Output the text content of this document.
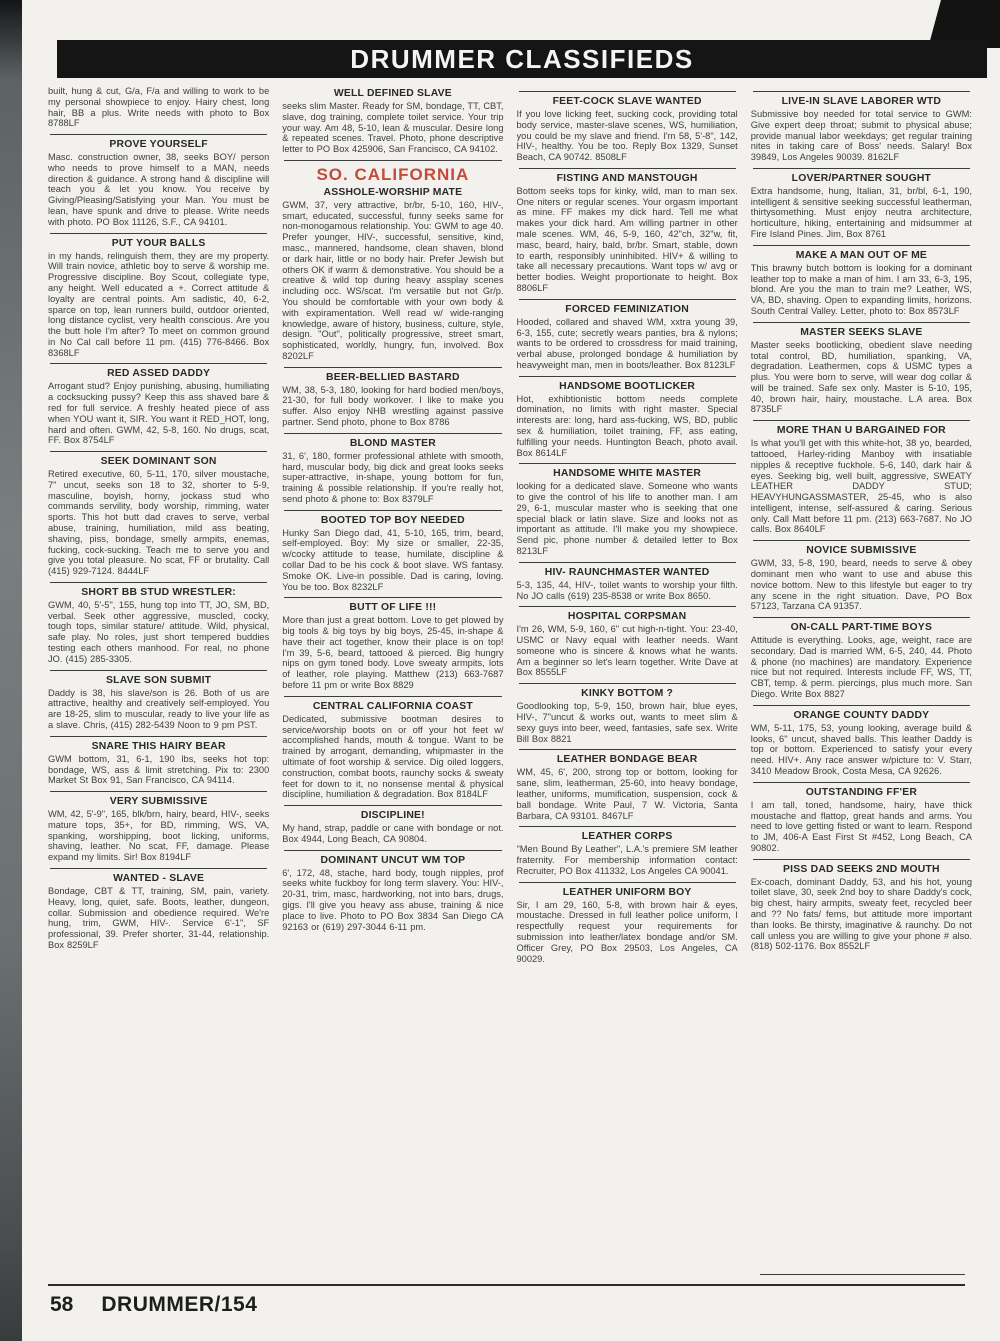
DRUMMER CLASSIFIEDS
built, hung & cut, G/a, F/a and willing to work to be my personal showpiece to enjoy. Hairy chest, long hair, BB a plus. Write needs with photo to Box 8788LF
PROVE YOURSELF
Masc. construction owner, 38, seeks BOY/ person who needs to prove himself to a MAN, needs direction & guidance. A strong hand & discipline will teach you & let you know. You receive by Giving/Pleasing/Satisfying your Man. You must be lean, have spunk and drive to please. Write needs with photo. PO Box 11126, S.F., CA 94101.
PUT YOUR BALLS
in my hands, relinguish them, they are my property. Will train novice, athletic boy to serve & worship me. Progressive discipline. Boy Scout, collegiate type, any height. Well educated a +. Correct attitude & loyalty are central points. Am sadistic, 40, 6-2, sparce on top, lean runners build, outdoor oriented, long distance cyclist, very health conscious. Are you the butt hole I'm after? To meet on common ground in No Cal call before 11 pm. (415) 776-8466. Box 8368LF
RED ASSED DADDY
Arrogant stud? Enjoy punishing, abusing, humiliating a cocksucking pussy? Keep this ass shaved bare & red for full service. A freshly heated piece of ass when YOU want it, SIR. You want it RED_HOT, long, hard and often. GWM, 42, 5-8, 160. No drugs, scat, FF. Box 8754LF
SEEK DOMINANT SON
Retired executive, 60, 5-11, 170, silver moustache, 7" uncut, seeks son 18 to 32, shorter to 5-9, masculine, boyish, horny, jockass stud who commands servility, body worship, rimming, water sports. This hot butt dad craves to serve, verbal abuse, training, humiliation, mild ass beating, shaving, piss, bondage, smelly armpits, enemas, fucking, cock-sucking. Teach me to serve you and give you total pleasure. No scat, FF or brutality. Call (415) 929-7124. 8444LF
SHORT BB STUD WRESTLER:
GWM, 40, 5'-5", 155, hung top into TT, JO, SM, BD, verbal. Seek other aggressive, muscled, cocky, tough tops, similar stature/ attitude. Wild, physical, safe play. No roles, just short tempered buddies testing each others manhood. For real, no phone JO. (415) 285-3305.
SLAVE SON SUBMIT
Daddy is 38, his slave/son is 26. Both of us are attractive, healthy and creatively self-employed. You are 18-25, slim to muscular, ready to live your life as a slave. Chris, (415) 282-5439 Noon to 9 pm PST.
SNARE THIS HAIRY BEAR
GWM bottom, 31, 6-1, 190 lbs, seeks hot top: bondage, WS, ass & limit stretching. Pix to: 2300 Market St Box 91, San Francisco, CA 94114.
VERY SUBMISSIVE
WM, 42, 5'-9", 165, blk/brn, hairy, beard, HIV-, seeks mature tops, 35+, for BD, rimming, WS, VA, spanking, worshipping, boot licking, uniforms, shaving, leather. No scat, FF, damage. Please expand my limits. Sir! Box 8194LF
WANTED - SLAVE
Bondage, CBT & TT, training, SM, pain, variety. Heavy, long, quiet, safe. Boots, leather, dungeon, collar. Submission and obedience required. We're hung, trim, GWM, HIV-. Service 6'-1", SF professional, 39. Prefer shorter, 31-44, relationship. Box 8259LF
WELL DEFINED SLAVE
seeks slim Master. Ready for SM, bondage, TT, CBT, slave, dog training, complete toilet service. Your trip your way. Am 48, 5-10, lean & muscular. Desire long & repeated scenes. Travel. Photo, phone descriptive letter to PO Box 425906, San Francisco, CA 94102.
SO. CALIFORNIA
ASSHOLE-WORSHIP MATE
GWM, 37, very attractive, br/br, 5-10, 160, HIV-, smart, educated, successful, funny seeks same for non-monogamous relationship. You: GWM to age 40. Prefer younger, HIV-, successful, sensitive, kind, masc., mannered, handsome, clean shaven, blond or dark hair, little or no body hair. Prefer Jewish but others OK if warm & demonstrative. You should be a creative & wild top during heavy assplay scenes including occ. WS/scat. I'm versatile but not Gr/p. You should be comfortable with your own body & with expiramentation. Well read w/ wide-ranging knowledge, aware of history, business, culture, style, design. "Out", politically progressive, street smart, sophisticated, worldly, hungry, fun, involved. Box 8202LF
BEER-BELLIED BASTARD
WM, 38, 5-3, 180, looking for hard bodied men/boys, 21-30, for full body workover. I like to make you suffer. Also enjoy NHB wrestling against passive partner. Send photo, phone to Box 8786
BLOND MASTER
31, 6', 180, former professional athlete with smooth, hard, muscular body, big dick and great looks seeks super-attractive, in-shape, young bottom for fun, training & possible relationship. If you're really hot, send photo & phone to: Box 8379LF
BOOTED TOP BOY NEEDED
Hunky San Diego dad, 41, 5-10, 165, trim, beard, self-employed. Boy: My size or smaller, 22-35, w/cocky attitude to tease, humilate, discipline & collar Dad to be his cock & boot slave. WS fantasy. Smoke OK. Live-in possible. Dad is caring, loving. You be too. Box 8232LF
BUTT OF LIFE !!!
More than just a great bottom. Love to get plowed by big tools & big toys by big boys, 25-45, in-shape & have their act together, know their place is on top! I'm 39, 5-6, beard, tattooed & pierced. Big hungry nips on gym toned body. Love sweaty armpits, lots of leather, role playing. Matthew (213) 663-7687 before 11 pm or write Box 8829
CENTRAL CALIFORNIA COAST
Dedicated, submissive bootman desires to service/worship boots on or off your hot feet w/ accomplished hands, mouth & tongue. Want to be trained by arrogant, demanding, whipmaster in the ultimate of foot worship & service. Dig oiled loggers, construction, combat boots, raunchy socks & sweaty feet for down to it, no nonsense mental & physical discipline, humiliation & degradation. Box 8184LF
DISCIPLINE!
My hand, strap, paddle or cane with bondage or not. Box 4944, Long Beach, CA 90804.
DOMINANT UNCUT WM TOP
6', 172, 48, stache, hard body, tough nipples, prof seeks white fuckboy for long term slavery. You: HIV-, 20-31, trim, masc, hardworking, not into bars, drugs, gigs. I'll give you heavy ass abuse, training & nice place to live. Photo to PO Box 3834 San Diego CA 92163 or (619) 297-3044 6-11 pm.
FEET-COCK SLAVE WANTED
If you love licking feet, sucking cock, providing total body service, master-slave scenes, WS, humiliation, you could be my slave and friend. I'm 58, 5'-8", 142, HIV-, healthy. You be too. Reply Box 1329, Sunset Beach, CA 90742. 8508LF
FISTING AND MANSTOUGH
Bottom seeks tops for kinky, wild, man to man sex. One niters or regular scenes. Your orgasm important as mine. FF makes my dick hard. Tell me what makes your dick hard. Am willing partner in other male scenes. WM, 46, 5-9, 160, 42"ch, 32"w, fit, masc, beard, hairy, bald, br/br. Smart, stable, down to earth, responsibly uninhibited. HIV+ & willing to take all necessary precautions. Want tops w/ avg or better bodies. Weight proportionate to height. Box 8806LF
FORCED FEMINIZATION
Hooded, collared and shaved WM, xxtra young 39, 6-3, 155, cute; secretly wears panties, bra & nylons; wants to be ordered to crossdress for maid training, verbal abuse, prolonged bondage & humiliation by heavyweight man, men in boots/leather. Box 8123LF
HANDSOME BOOTLICKER
Hot, exhibtionistic bottom needs complete domination, no limits with right master. Special interests are: long, hard ass-fucking, WS, BD, public sex & humiliation, toilet training, FF, ass eating, fulfilling your needs. Huntington Beach, photo avail. Box 8614LF
HANDSOME WHITE MASTER
looking for a dedicated slave. Someone who wants to give the control of his life to another man. I am 29, 6-1, muscular master who is seeking that one special black or latin slave. Size and looks not as important as attitude. I'll make you my showpiece. Send pic, phone number & detailed letter to Box 8213LF
HIV- RAUNCHMASTER WANTED
5-3, 135, 44, HIV-, toilet wants to worship your filth. No JO calls (619) 235-8538 or write Box 8650.
HOSPITAL CORPSMAN
I'm 26, WM, 5-9, 160, 6" cut high-n-tight. You: 23-40, USMC or Navy equal with leather needs. Want someone who is sincere & knows what he wants. Am a beginner so let's learn together. Write Dave at Box 8555LF
KINKY BOTTOM ?
Goodlooking top, 5-9, 150, brown hair, blue eyes, HIV-, 7"uncut & works out, wants to meet slim & sexy guys into beer, weed, fantasies, safe sex. Write Bill Box 8821
LEATHER BONDAGE BEAR
WM, 45, 6', 200, strong top or bottom, looking for sane, slim, leatherman, 25-60, into heavy bondage, leather, uniforms, mumification, suspension, cock & ball bondage. Write Paul, 7 W. Victoria, Santa Barbara, CA 93101. 8467LF
LEATHER CORPS
"Men Bound By Leather", L.A.'s premiere SM leather fraternity. For membership information contact: Recruiter, PO Box 411332, Los Angeles CA 90041.
LEATHER UNIFORM BOY
Sir, I am 29, 160, 5-8, with brown hair & eyes, moustache. Dressed in full leather police uniform, I respectfully request your requirements for submission into leather/latex bondage and/or SM. Officer Grey, PO Box 29503, Los Angeles, CA 90029.
LIVE-IN SLAVE LABORER WTD
Submissive boy needed for total service to GWM: Give expert deep throat; submit to physical abuse; provide manual labor weekdays; get regular training nites in taking care of Boss' needs. Salary! Box 39849, Los Angeles 90039. 8162LF
LOVER/PARTNER SOUGHT
Extra handsome, hung, Italian, 31, br/bl, 6-1, 190, intelligent & sensitive seeking successful leatherman, thirtysomething. Must enjoy neutra architecture, horticulture, hiking, entertaining and midsummer at Fire Island Pines. Jim, Box 8761
MAKE A MAN OUT OF ME
This brawny butch bottom is looking for a dominant leather top to make a man of him. I am 33, 6-3, 195, blond. Are you the man to train me? Leather, WS, VA, BD, shaving. Open to expanding limits, horizons. South Central Valley. Letter, photo to: Box 8573LF
MASTER SEEKS SLAVE
Master seeks bootlicking, obedient slave needing total control, BD, humiliation, spanking, VA, degradation. Leathermen, cops & USMC types a plus. You were born to serve, will wear dog collar & will be trained. Safe sex only. Master is 5-10, 195, 40, brown hair, hairy, moustache. L.A area. Box 8735LF
MORE THAN U BARGAINED FOR
Is what you'll get with this white-hot, 38 yo, bearded, tattooed, Harley-riding Manboy with insatiable nipples & receptive fuckhole. 5-6, 140, dark hair & eyes. Seeking big, well built, aggressive, SWEATY LEATHER DADDY STUD; HEAVYHUNGASSMASTER, 25-45, who is also intelligent, intense, self-assured & caring. Serious only. Call Matt before 11 pm. (213) 663-7687. No JO calls. Box 8640LF
NOVICE SUBMISSIVE
GWM, 33, 5-8, 190, beard, needs to serve & obey dominant men who want to use and abuse this novice bottom. New to this lifestyle but eager to try any scene in the right situation. Dave, PO Box 57123, Tarzana CA 91357.
ON-CALL PART-TIME BOYS
Attitude is everything. Looks, age, weight, race are secondary. Dad is married WM, 6-5, 240, 44. Photo & phone (no machines) are mandatory. Experience nice but not required. Interests include FF, WS, TT, CBT, temp. & perm. piercings, plus much more. San Diego. Write Box 8827
ORANGE COUNTY DADDY
WM, 5-11, 175, 53, young looking, average build & looks, 6" uncut, shaved balls. This leather Daddy is top or bottom. Experienced to satisfy your every need. HIV+. Any race answer w/picture to: V. Starr, 3410 Meadow Brook, Costa Mesa, CA 92626.
OUTSTANDING FF'ER
I am tall, toned, handsome, hairy, have thick moustache and flattop, great hands and arms. You need to love getting fisted or want to learn. Respond to JM, 406-A East First St #452, Long Beach, CA 90802.
PISS DAD SEEKS 2ND MOUTH
Ex-coach, dominant Daddy, 53, and his hot, young toilet slave, 30, seek 2nd boy to share Daddy's cock, big chest, hairy armpits, sweaty feet, recycled beer and ?? No fats/ fems, but attitude more important than looks. Be thirsty, imaginative & raunchy. Do not call unless you are willing to give your phone # also. (818) 502-1176. Box 8552LF
58 DRUMMER/154
